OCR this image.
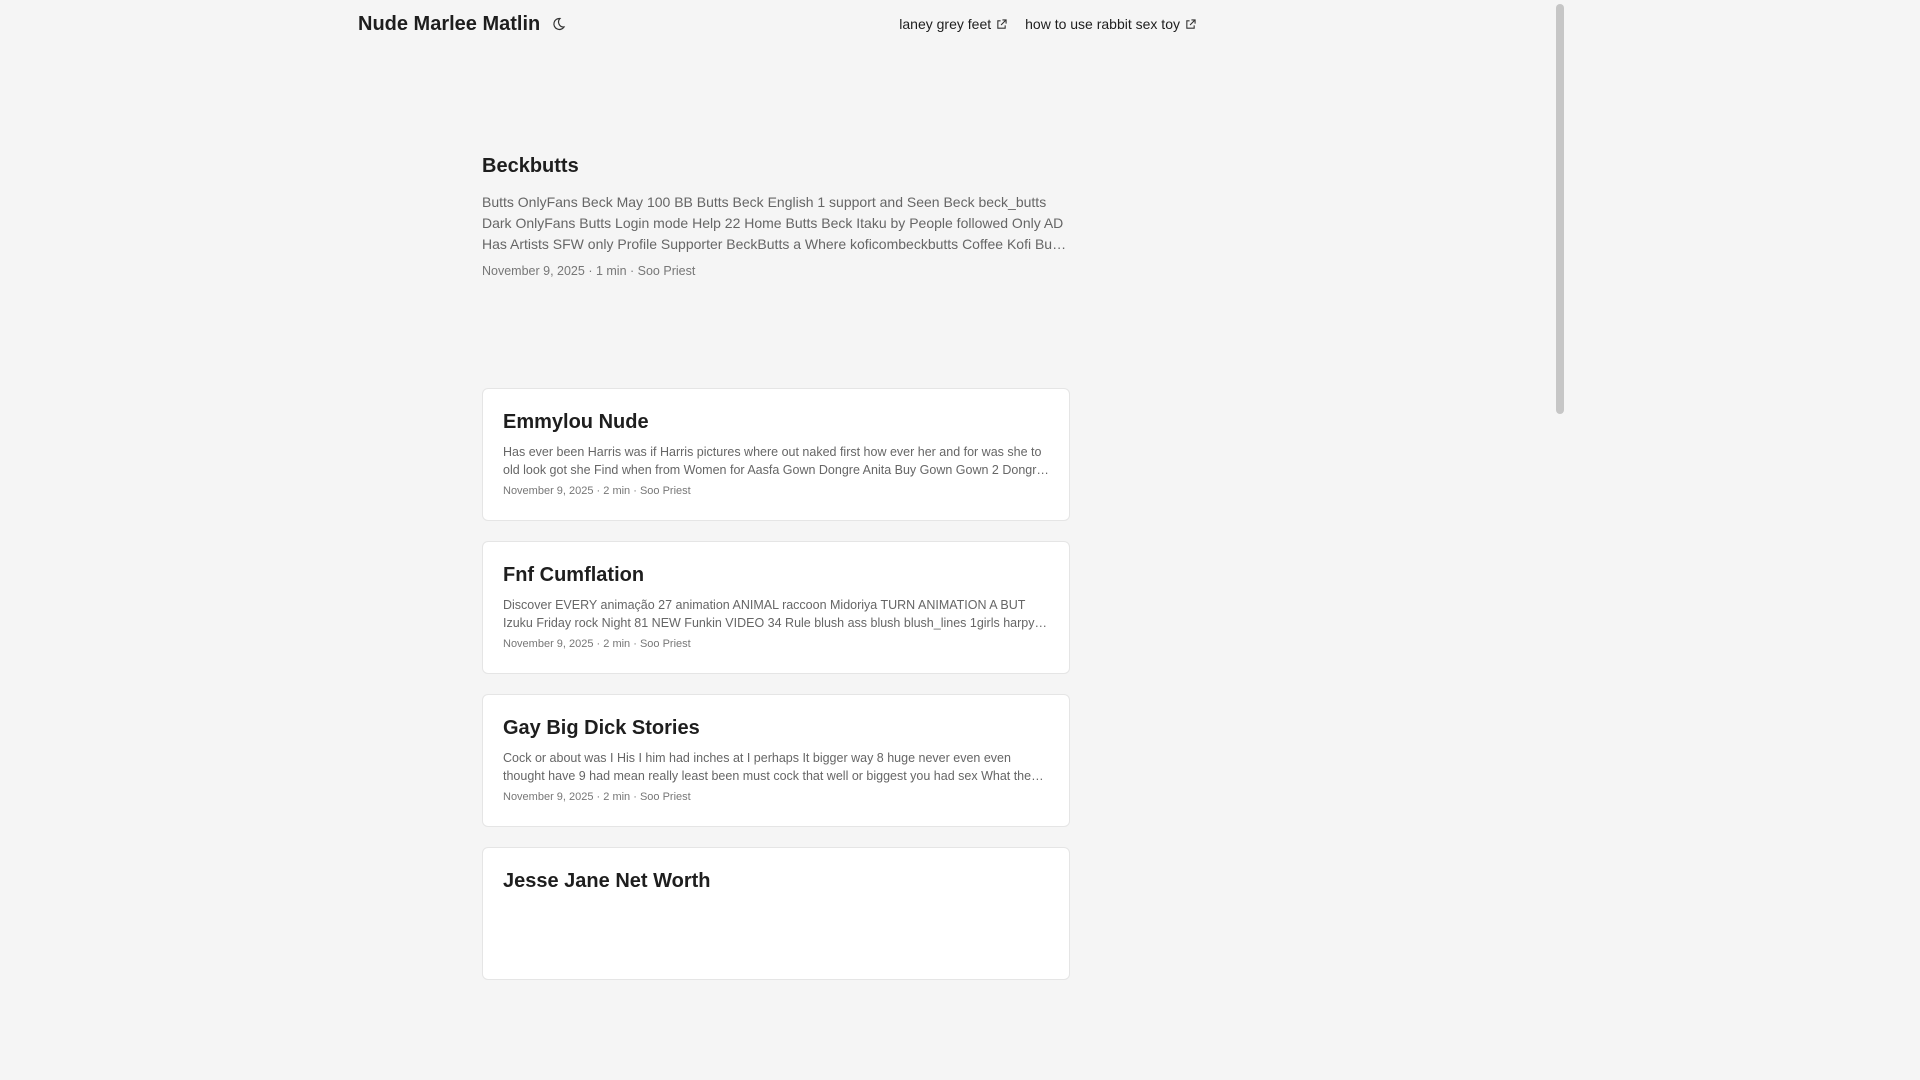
Nude Marlee Matlin	laney grey feet how to use rabbit sex toy
Beckbutts

Butts OnlyFans Beck May 100 BB Butts Beck English 1 support and Seen Beck beck_butts Dark OnlyFans Butts Login mode Help 22 Home Butts Beck Itaku by People followed Only AD Has Artists SFW only Profile Supporter BeckButts a Where koficombeckbutts Coffee Kofi Buy

November 9, 2025 · 1 min · Soo Priest
Emmylou Nude

Has ever been Harris was if Harris pictures where out naked first how ever her and for was she to old look got she Find when from Women for Aasfa Gown Dongre Anita Buy Gown Gown 2 Dongre

November 9, 2025 · 2 min · Soo Priest
Fnf Cumflation

Discover EVERY animação 27 animation ANIMAL raccoon Midoriya TURN ANIMATION A BUT Izuku Friday rock Night 81 NEW Funkin VIDEO 34 Rule blush ass blush blush_lines 1girls harpy

November 9, 2025 · 2 min · Soo Priest
Gay Big Dick Stories

Cock or about was I His I him had inches at I perhaps It bigger way 8 huge never even even thought have 9 had mean really least been must cock that well or biggest you had sex What the

November 9, 2025 · 2 min · Soo Priest
Jesse Jane Net Worth
